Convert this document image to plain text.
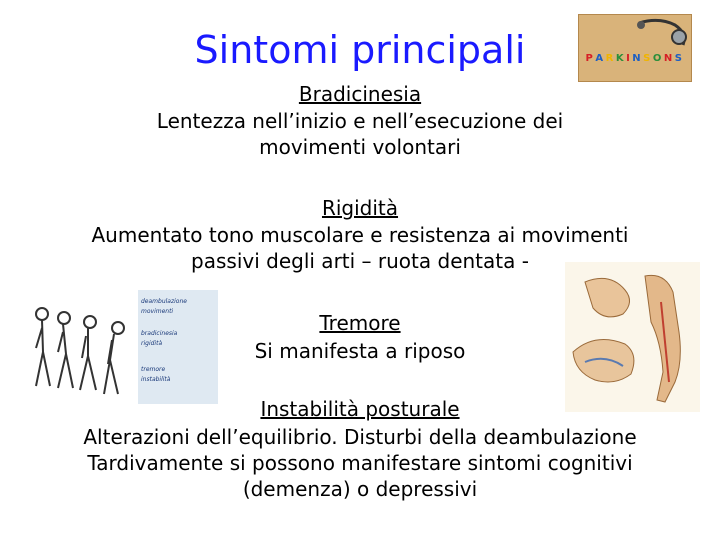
Sintomi principali	P A R K I N S O N S
Bradicinesia
Lentezza nell’inizio e nell’esecuzione dei
movimenti volontari
Rigidità
Aumentato tono muscolare e resistenza ai movimenti
passivi degli arti – ruota dentata -
deambulazione
movimenti
bradicinesia
rigidità
tremore
instabilità
Tremore
Si manifesta a riposo
Instabilità posturale
Alterazioni dell’equilibrio. Disturbi della deambulazione
Tardivamente si possono manifestare sintomi cognitivi
(demenza) o depressivi
